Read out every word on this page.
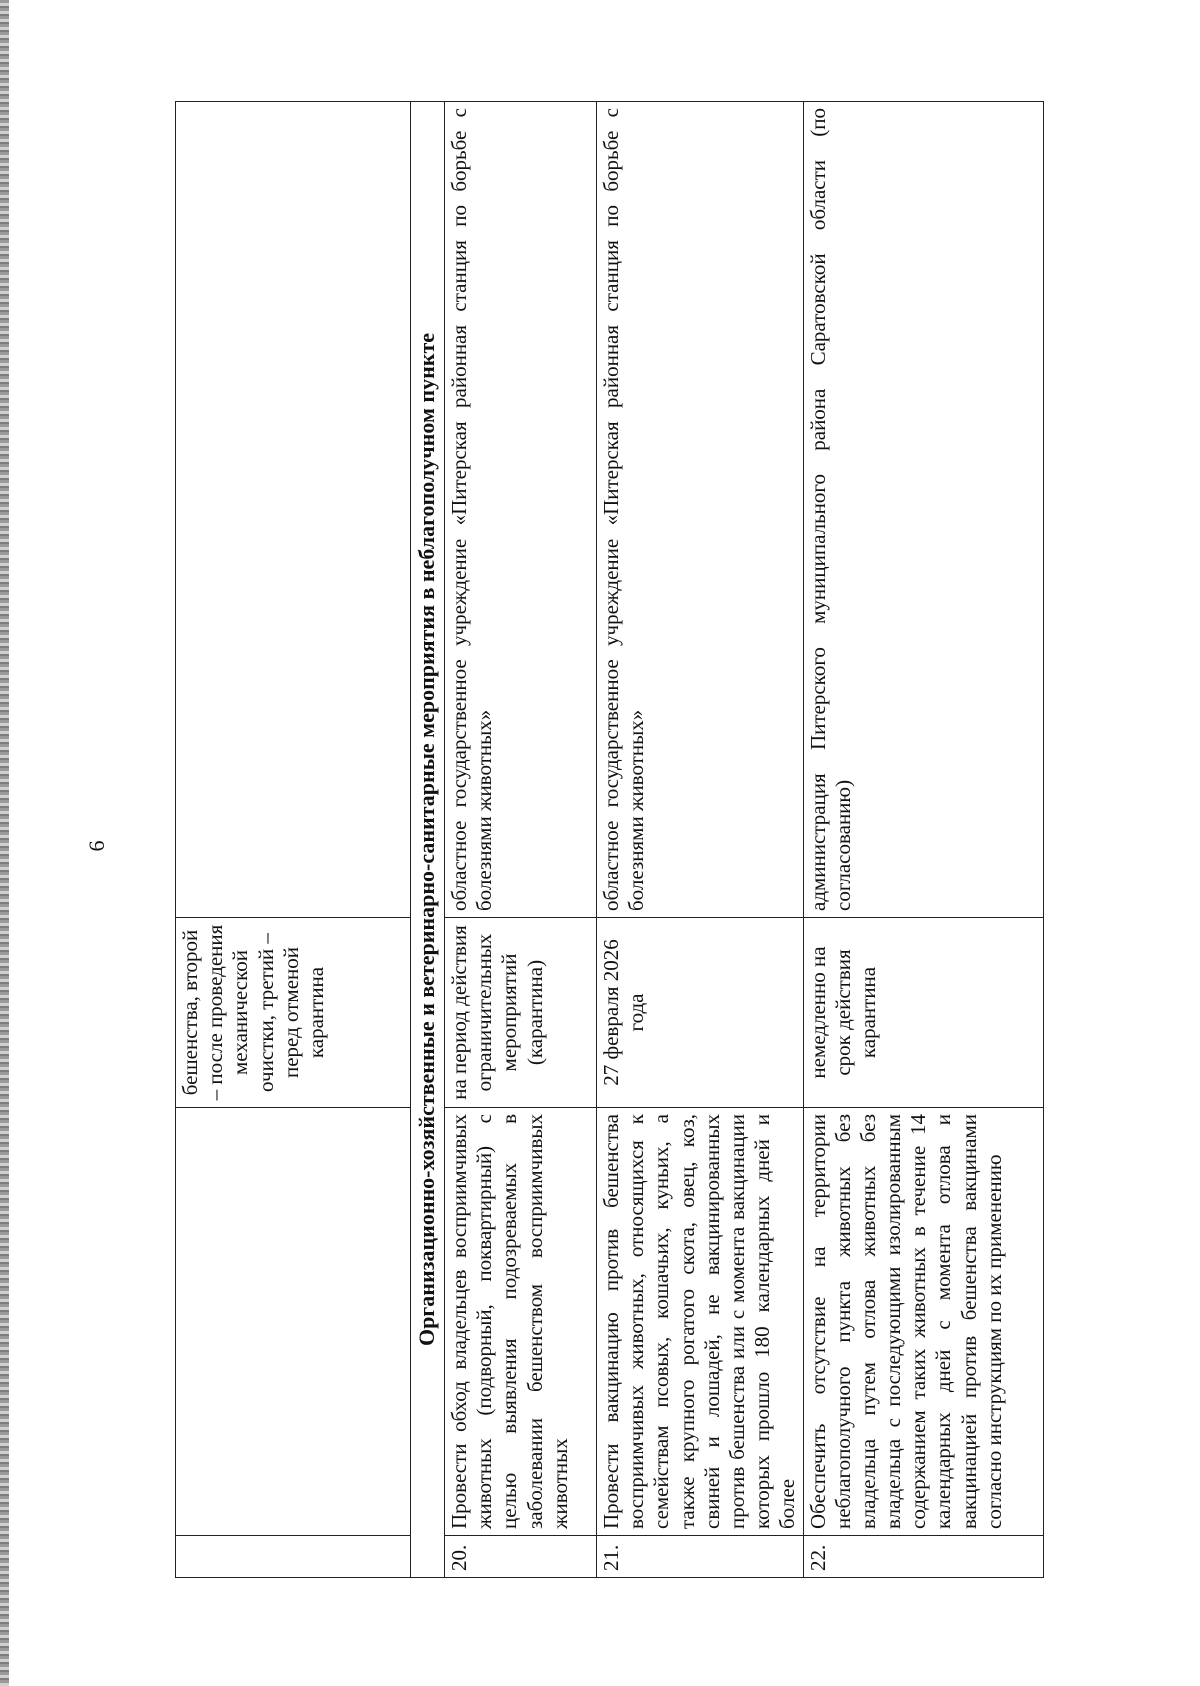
6
		бешенства, второй – после проведения механической очистки, третий – перед отменой карантина	
Организационно-хозяйственные и ветеринарно-санитарные мероприятия в неблагополучном пункте			
20.	Провести обход владельцев восприимчивых животных (подворный, поквартирный) с целью выявления подозреваемых в заболевании бешенством восприимчивых животных	на период действия ограничительных мероприятий (карантина)	областное государственное учреждение «Питерская районная станция по борьбе с болезнями животных»
21.	Провести вакцинацию против бешенства восприимчивых животных, относящихся к семействам псовых, кошачьих, куньих, а также крупного рогатого скота, овец, коз, свиней и лошадей, не вакцинированных против бешенства или с момента вакцинации которых прошло 180 календарных дней и более	27 февраля 2026 года	областное государственное учреждение «Питерская районная станция по борьбе с болезнями животных»
22.	Обеспечить отсутствие на территории неблагополучного пункта животных без владельца путем отлова животных без владельца с последующими изолированным содержанием таких животных в течение 14 календарных дней с момента отлова и вакцинацией против бешенства вакцинами согласно инструкциям по их применению	немедленно на срок действия карантина	администрация Питерского муниципального района Саратовской области (по согласованию)
